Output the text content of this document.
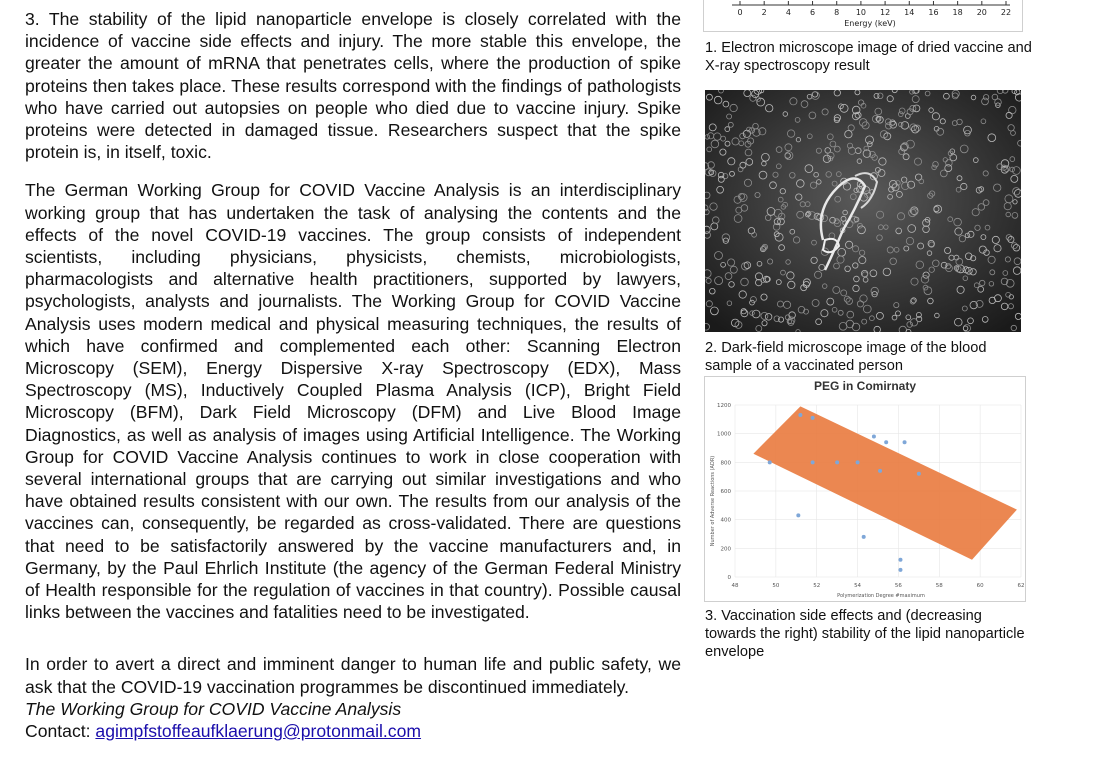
3. The stability of the lipid nanoparticle envelope is closely correlated with the incidence of vaccine side effects and injury. The more stable this envelope, the greater the amount of mRNA that penetrates cells, where the production of spike proteins then takes place. These results correspond with the findings of pathologists who have carried out autopsies on people who died due to vaccine injury. Spike proteins were detected in damaged tissue. Researchers suspect that the spike protein is, in itself, toxic.

The German Working Group for COVID Vaccine Analysis is an interdisciplinary working group that has undertaken the task of analysing the contents and the effects of the novel COVID-19 vaccines. The group consists of independent scientists, including physicians, physicists, chemists, microbiologists, pharmacologists and alternative health practitioners, supported by lawyers, psychologists, analysts and journalists. The Working Group for COVID Vaccine Analysis uses modern medical and physical measuring techniques, the results of which have confirmed and complemented each other: Scanning Electron Microscopy (SEM), Energy Dispersive X-ray Spectroscopy (EDX), Mass Spectroscopy (MS), Inductively Coupled Plasma Analysis (ICP), Bright Field Microscopy (BFM), Dark Field Microscopy (DFM) and Live Blood Image Diagnostics, as well as analysis of images using Artificial Intelligence. The Working Group for COVID Vaccine Analysis continues to work in close cooperation with several international groups that are carrying out similar investigations and who have obtained results consistent with our own. The results from our analysis of the vaccines can, consequently, be regarded as cross-validated. There are questions that need to be satisfactorily answered by the vaccine manufacturers and, in Germany, by the Paul Ehrlich Institute (the agency of the German Federal Ministry of Health responsible for the regulation of vaccines in that country). Possible causal links between the vaccines and fatalities need to be investigated.

In order to avert a direct and imminent danger to human life and public safety, we ask that the COVID-19 vaccination programmes be discontinued immediately.

The Working Group for COVID Vaccine Analysis
Contact: agimpfstoffeaufklaerung@protonmail.com

0 2 4 6 8 10 12 14 16 18 20 22
Energy (keV)
1. Electron microscope image of dried vaccine and X-ray spectroscopy result
2. Dark-field microscope image of the blood sample of a vaccinated person
PEG in Comirnaty
48	50	52	54	56	58	60	62
0
200
400
600
800
1000
1200
Polymerization Degree #maximum
Number of Adverse Reactions (ADR)
3. Vaccination side effects and (decreasing towards the right) stability of the lipid nanoparticle envelope
